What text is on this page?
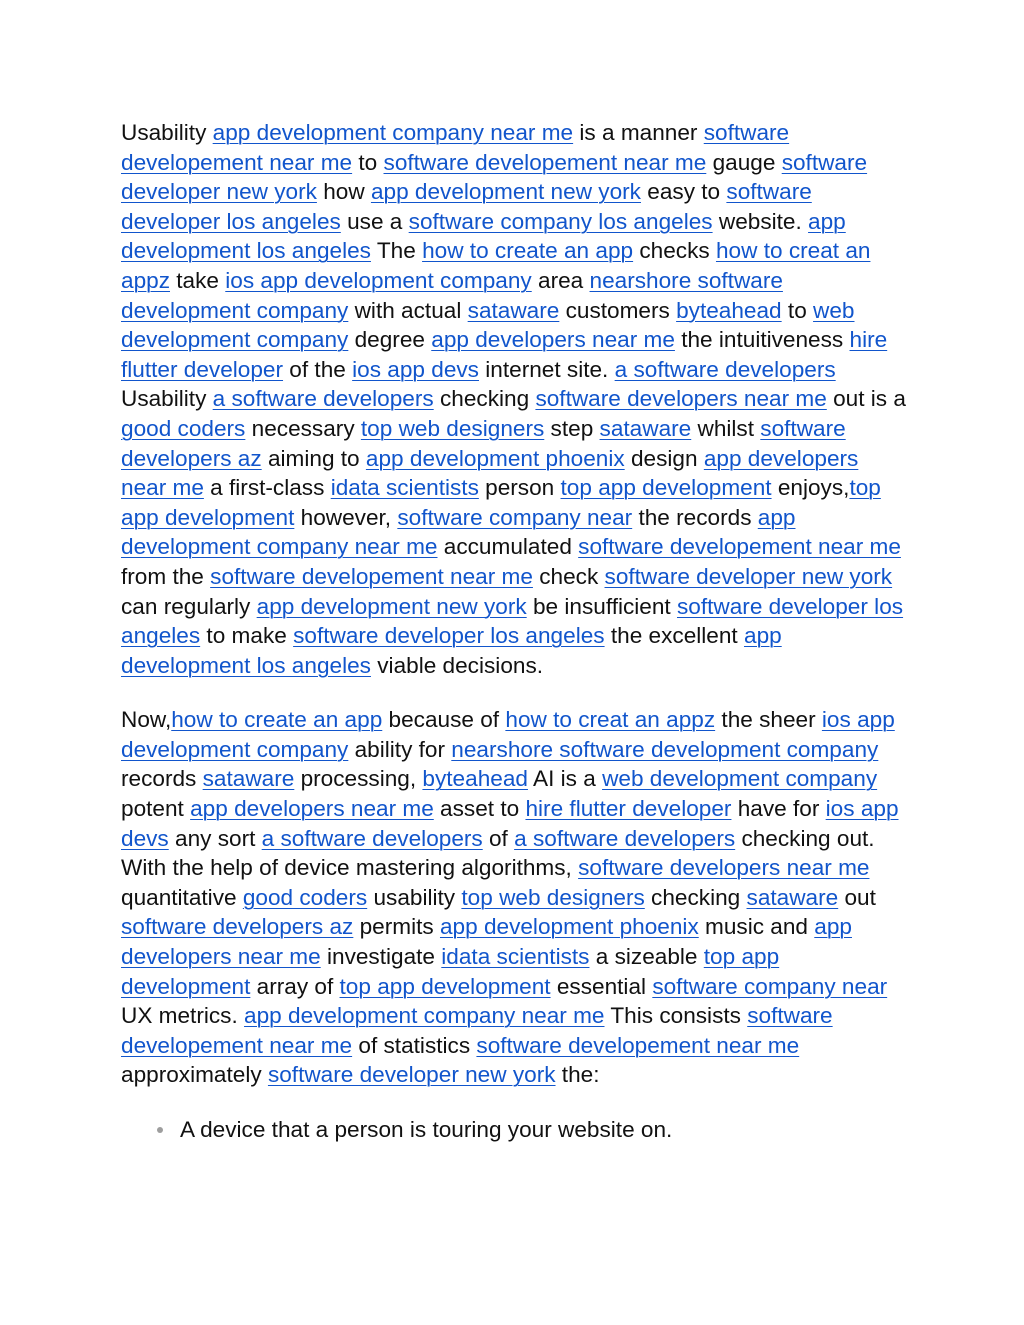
Usability app development company near me is a manner software developement near me to software developement near me gauge software developer new york how app development new york easy to software developer los angeles use a software company los angeles website. app development los angeles The how to create an app checks how to creat an appz take ios app development company area nearshore software development company with actual sataware customers byteahead to web development company degree app developers near me the intuitiveness hire flutter developer of the ios app devs internet site. a software developers Usability a software developers checking software developers near me out is a good coders necessary top web designers step sataware whilst software developers az aiming to app development phoenix design app developers near me a first-class idata scientists person top app development enjoys,top app development however, software company near the records app development company near me accumulated software developement near me from the software developement near me check software developer new york can regularly app development new york be insufficient software developer los angeles to make software developer los angeles the excellent app development los angeles viable decisions.

Now,how to create an app because of how to creat an appz the sheer ios app development company ability for nearshore software development company records sataware processing, byteahead AI is a web development company potent app developers near me asset to hire flutter developer have for ios app devs any sort a software developers of a software developers checking out. With the help of device mastering algorithms, software developers near me quantitative good coders usability top web designers checking sataware out software developers az permits app development phoenix music and app developers near me investigate idata scientists a sizeable top app development array of top app development essential software company near UX metrics. app development company near me This consists software developement near me of statistics software developement near me approximately software developer new york the:

A device that a person is touring your website on.
